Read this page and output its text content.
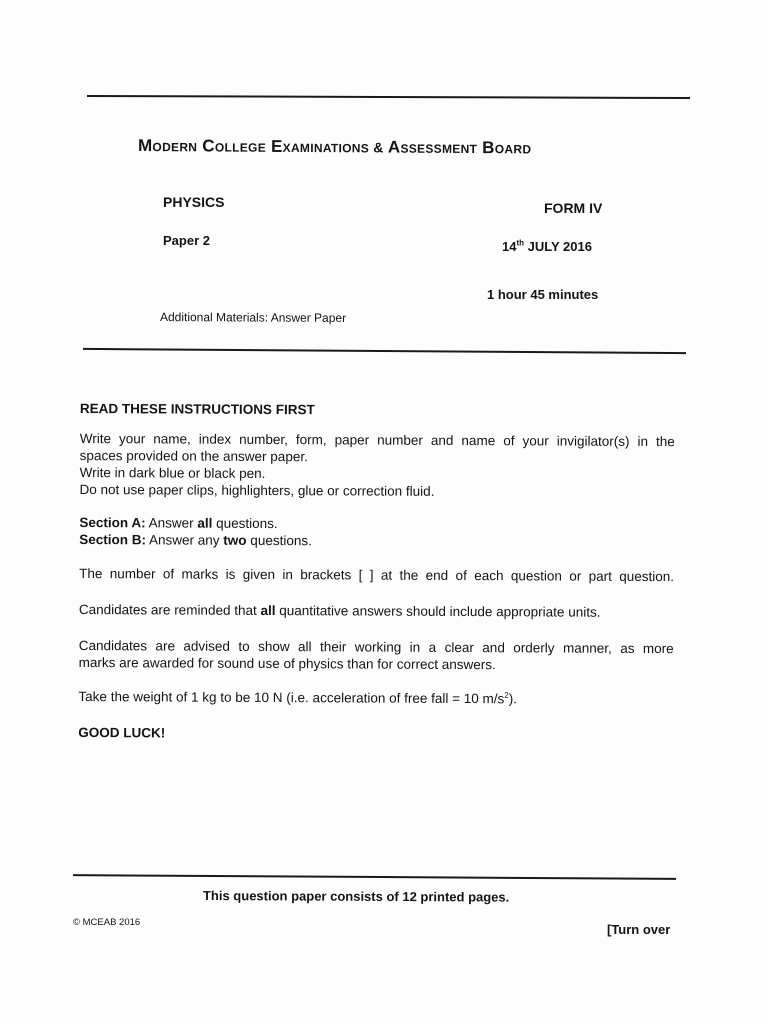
Modern College Examinations & Assessment Board
PHYSICS	FORM IV
Paper 2	14th JULY 2016
1 hour 45 minutes
Additional Materials: Answer Paper

READ THESE INSTRUCTIONS FIRST

Write your name, index number, form, paper number and name of your invigilator(s) in the

spaces provided on the answer paper.

Write in dark blue or black pen.

Do not use paper clips, highlighters, glue or correction fluid.

Section A: Answer all questions.

Section B: Answer any two questions.

The number of marks is given in brackets [ ] at the end of each question or part question.

Candidates are reminded that all quantitative answers should include appropriate units.

Candidates are advised to show all their working in a clear and orderly manner, as more

marks are awarded for sound use of physics than for correct answers.

Take the weight of 1 kg to be 10 N (i.e. acceleration of free fall = 10 $m/s^2$).

GOOD LUCK!

This question paper consists of 12 printed pages.
© MCEAB 2016	[Turn over
